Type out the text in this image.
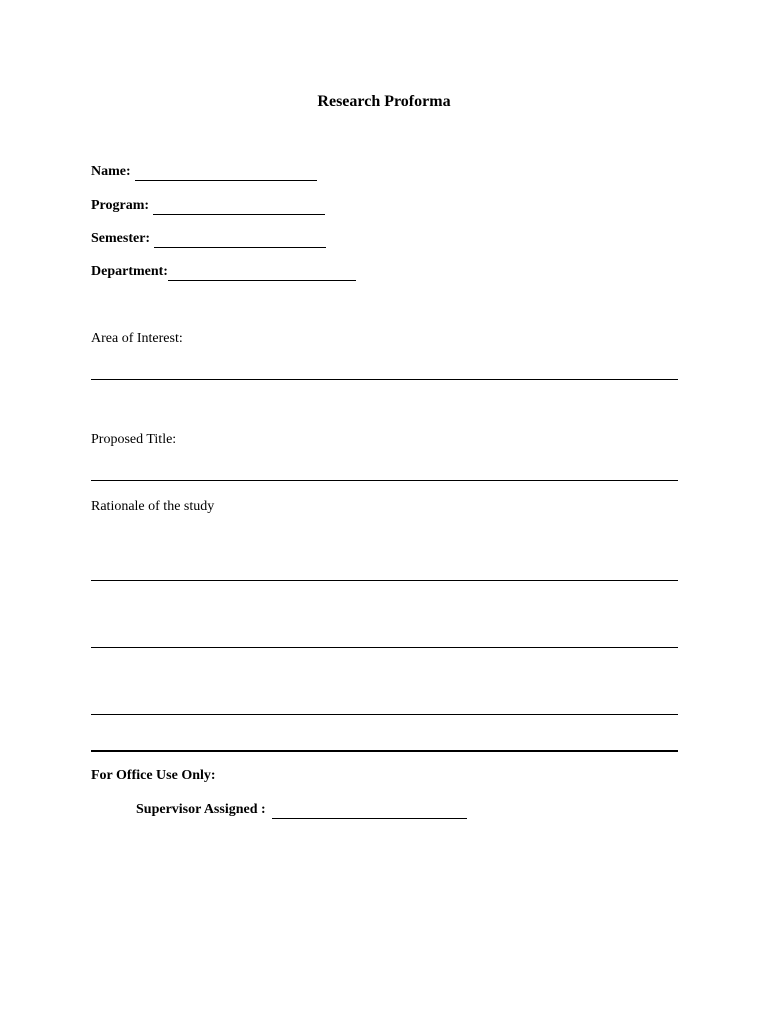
Research Proforma
Name:
Program:
Semester:
Department:
Area of Interest:
Proposed Title:
Rationale of the study
For Office Use Only:
Supervisor Assigned :
